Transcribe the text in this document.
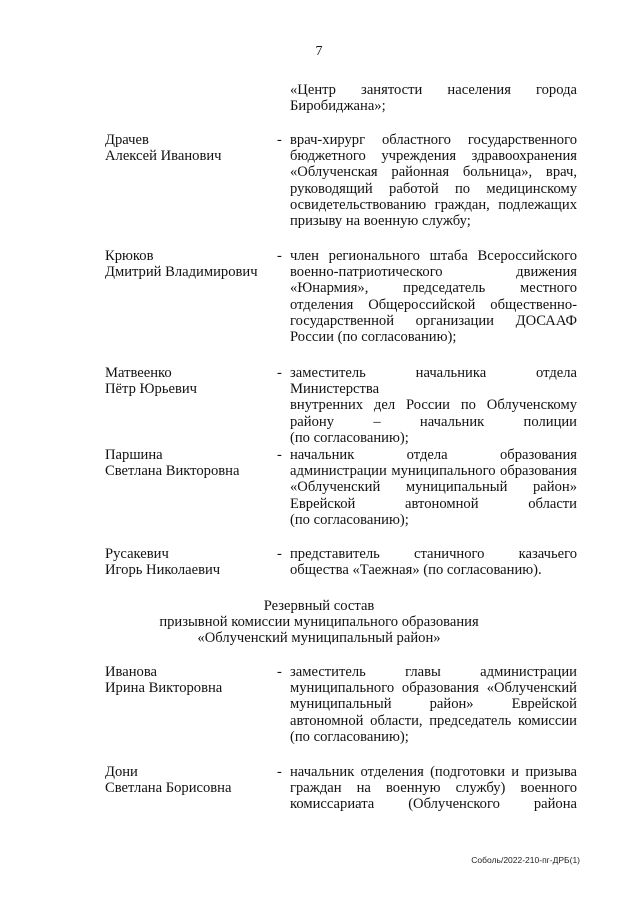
7
«Центр занятости населения города
Биробиджана»;
Драчев
Алексей Иванович
- врач-хирург областного государственного
бюджетного учреждения здравоохранения
«Облученская районная больница», врач,
руководящий работой по медицинскому
освидетельствованию граждан, подлежащих
призыву на военную службу;
Крюков
Дмитрий Владимирович
- член регионального штаба Всероссийского
военно-патриотического движения
«Юнармия», председатель местного
отделения Общероссийской общественно-
государственной организации ДОСААФ
России (по согласованию);
Матвеенко
Пётр Юрьевич
- заместитель начальника отдела Министерства
внутренних дел России по Облученскому
району – начальник полиции
(по согласованию);
Паршина
Светлана Викторовна
- начальник отдела образования
администрации муниципального образования
«Облученский муниципальный район»
Еврейской автономной области
(по согласованию);
Русакевич
Игорь Николаевич
- представитель станичного казачьего
общества «Таежная» (по согласованию).
Резервный состав
призывной комиссии муниципального образования
«Облученский муниципальный район»
Иванова
Ирина Викторовна
- заместитель главы администрации
муниципального образования «Облученский
муниципальный район» Еврейской
автономной области, председатель комиссии
(по согласованию);
Дони
Светлана Борисовна
- начальник отделения (подготовки и призыва
граждан на военную службу) военного
комиссариата (Облученского района
Соболь/2022-210-пг-ДРБ(1)
